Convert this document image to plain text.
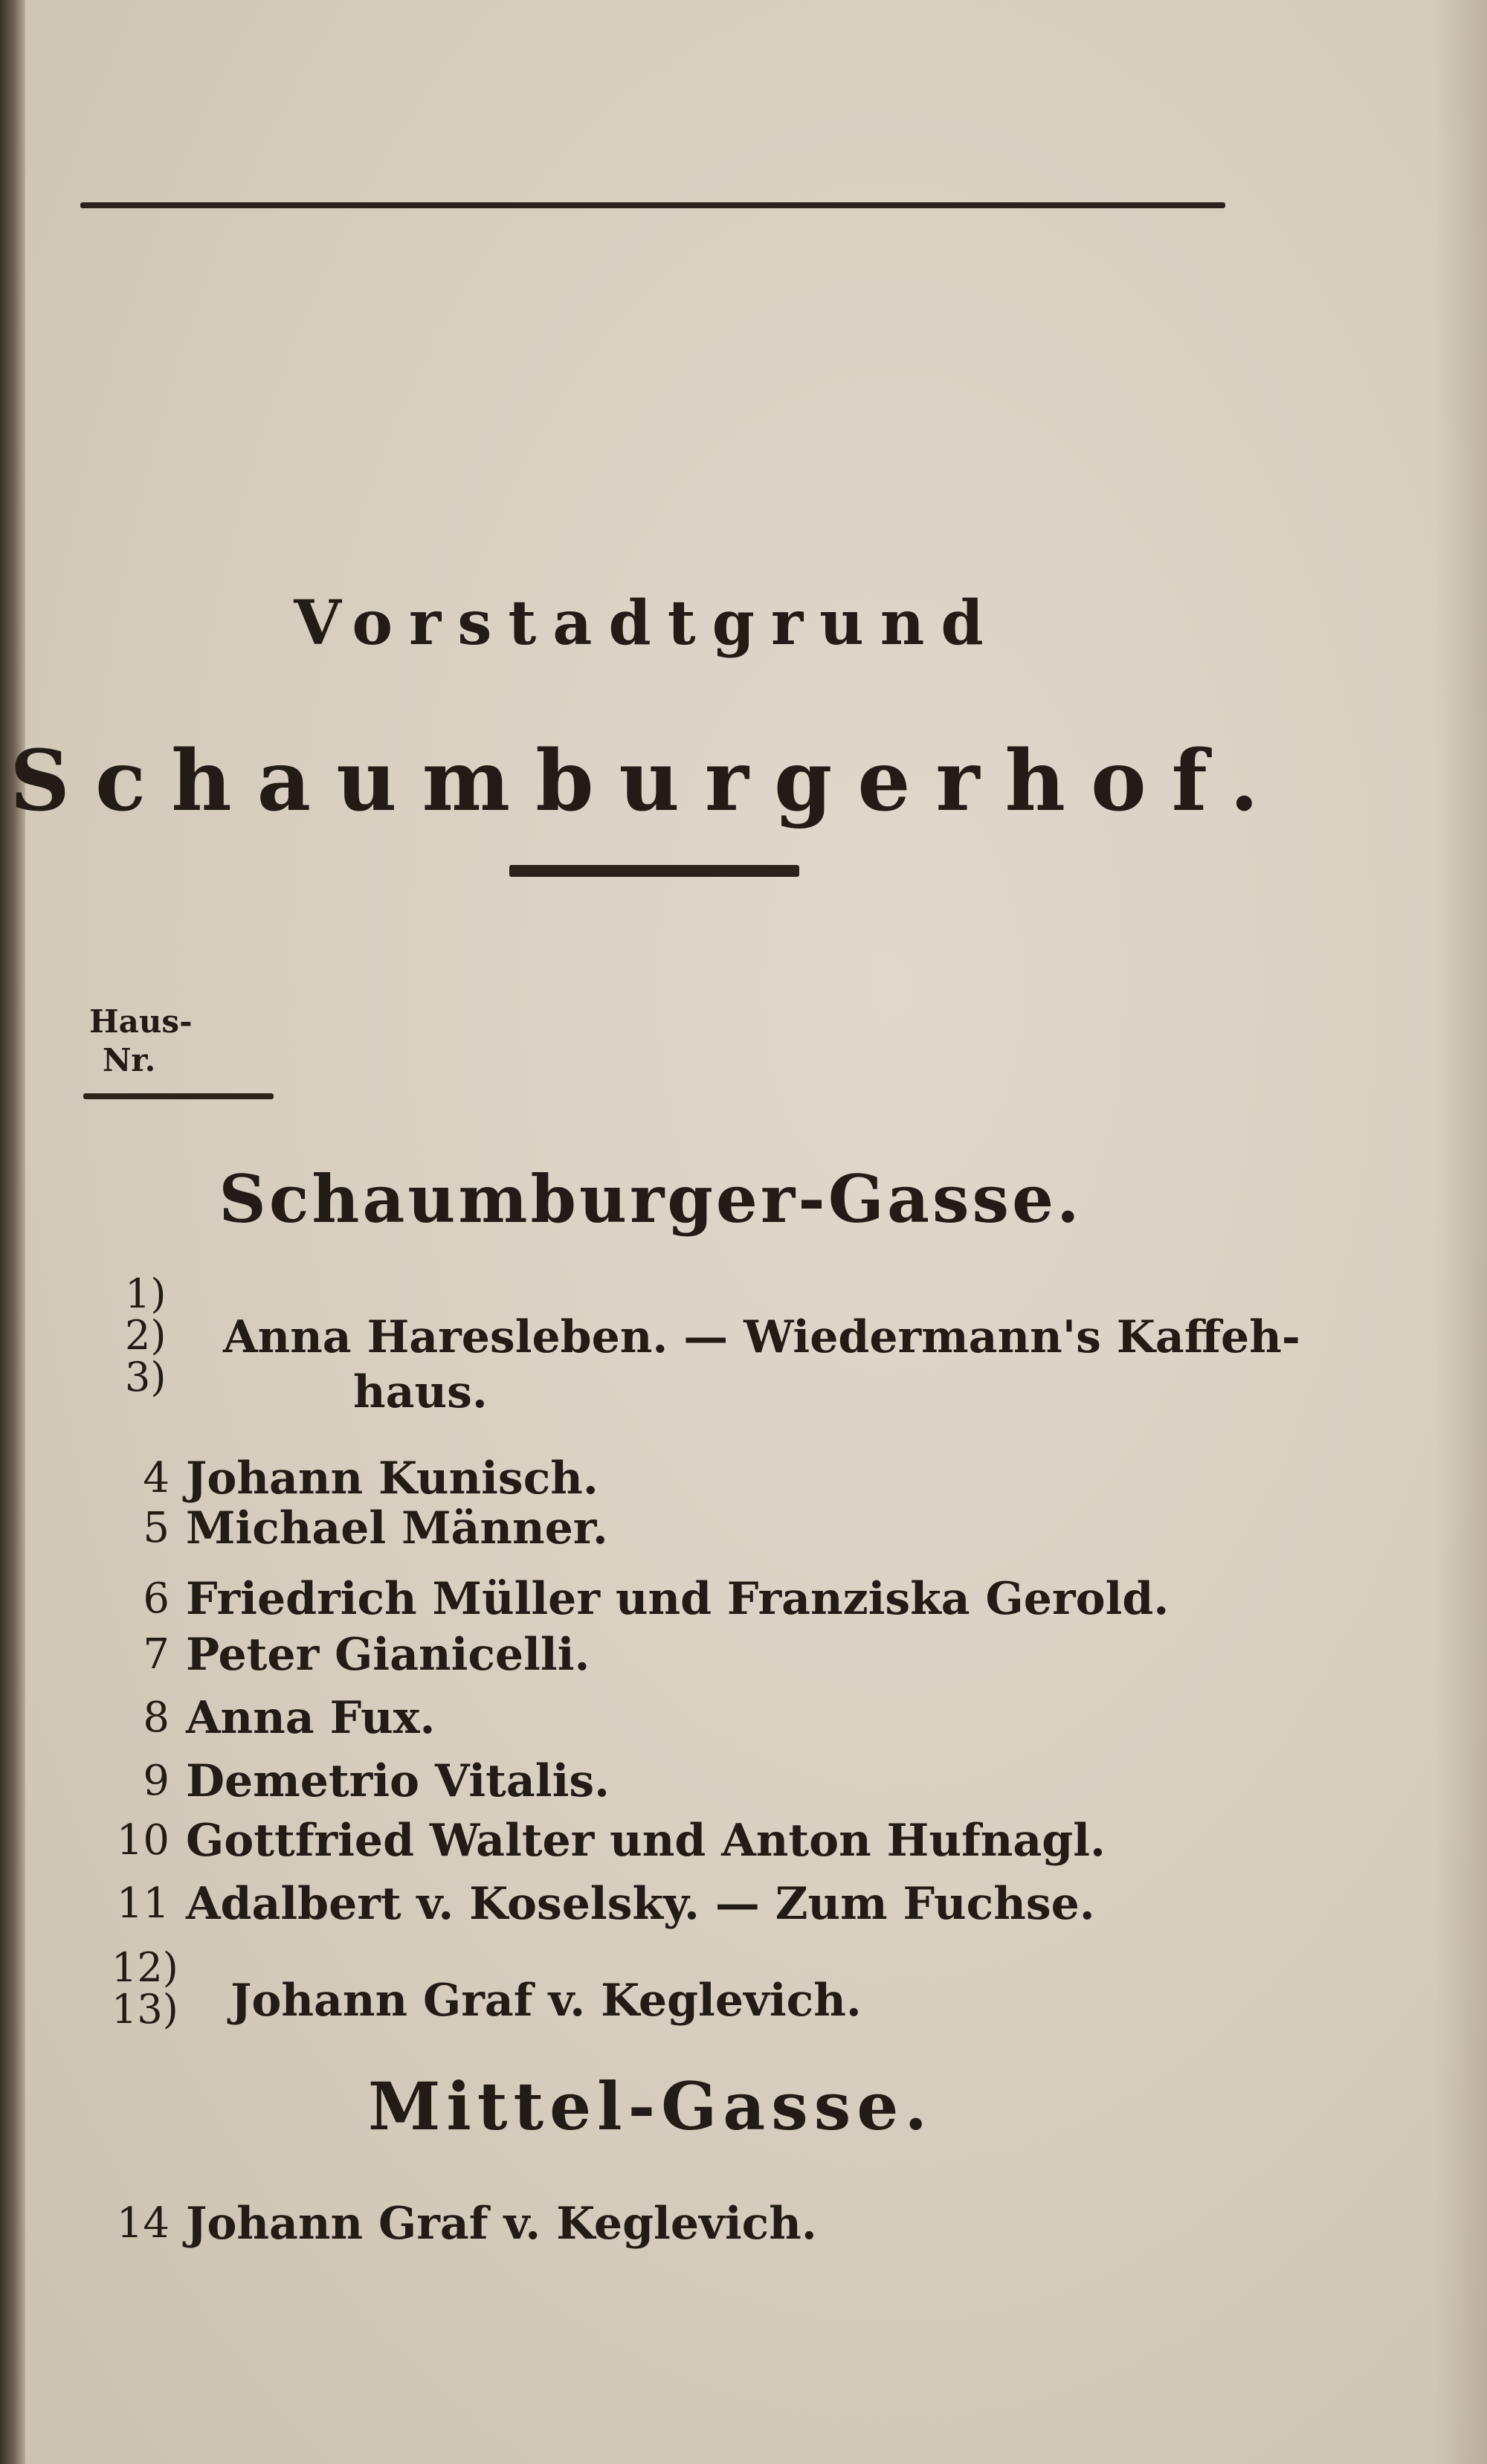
Vorstadtgrund
Schaumburgerhof.
Haus-
Nr.
Schaumburger-Gasse.
1)
2)
3)
Anna Haresleben. — Wiedermann's Kaffeh-
haus.
4 Johann Kunisch.
5 Michael Männer.
6 Friedrich Müller und Franziska Gerold.
7 Peter Gianicelli.
8 Anna Fux.
9 Demetrio Vitalis.
10 Gottfried Walter und Anton Hufnagl.
11 Adalbert v. Koselsky. — Zum Fuchse.
12)
13) Johann Graf v. Keglevich.
Mittel-Gasse.
14 Johann Graf v. Keglevich.
